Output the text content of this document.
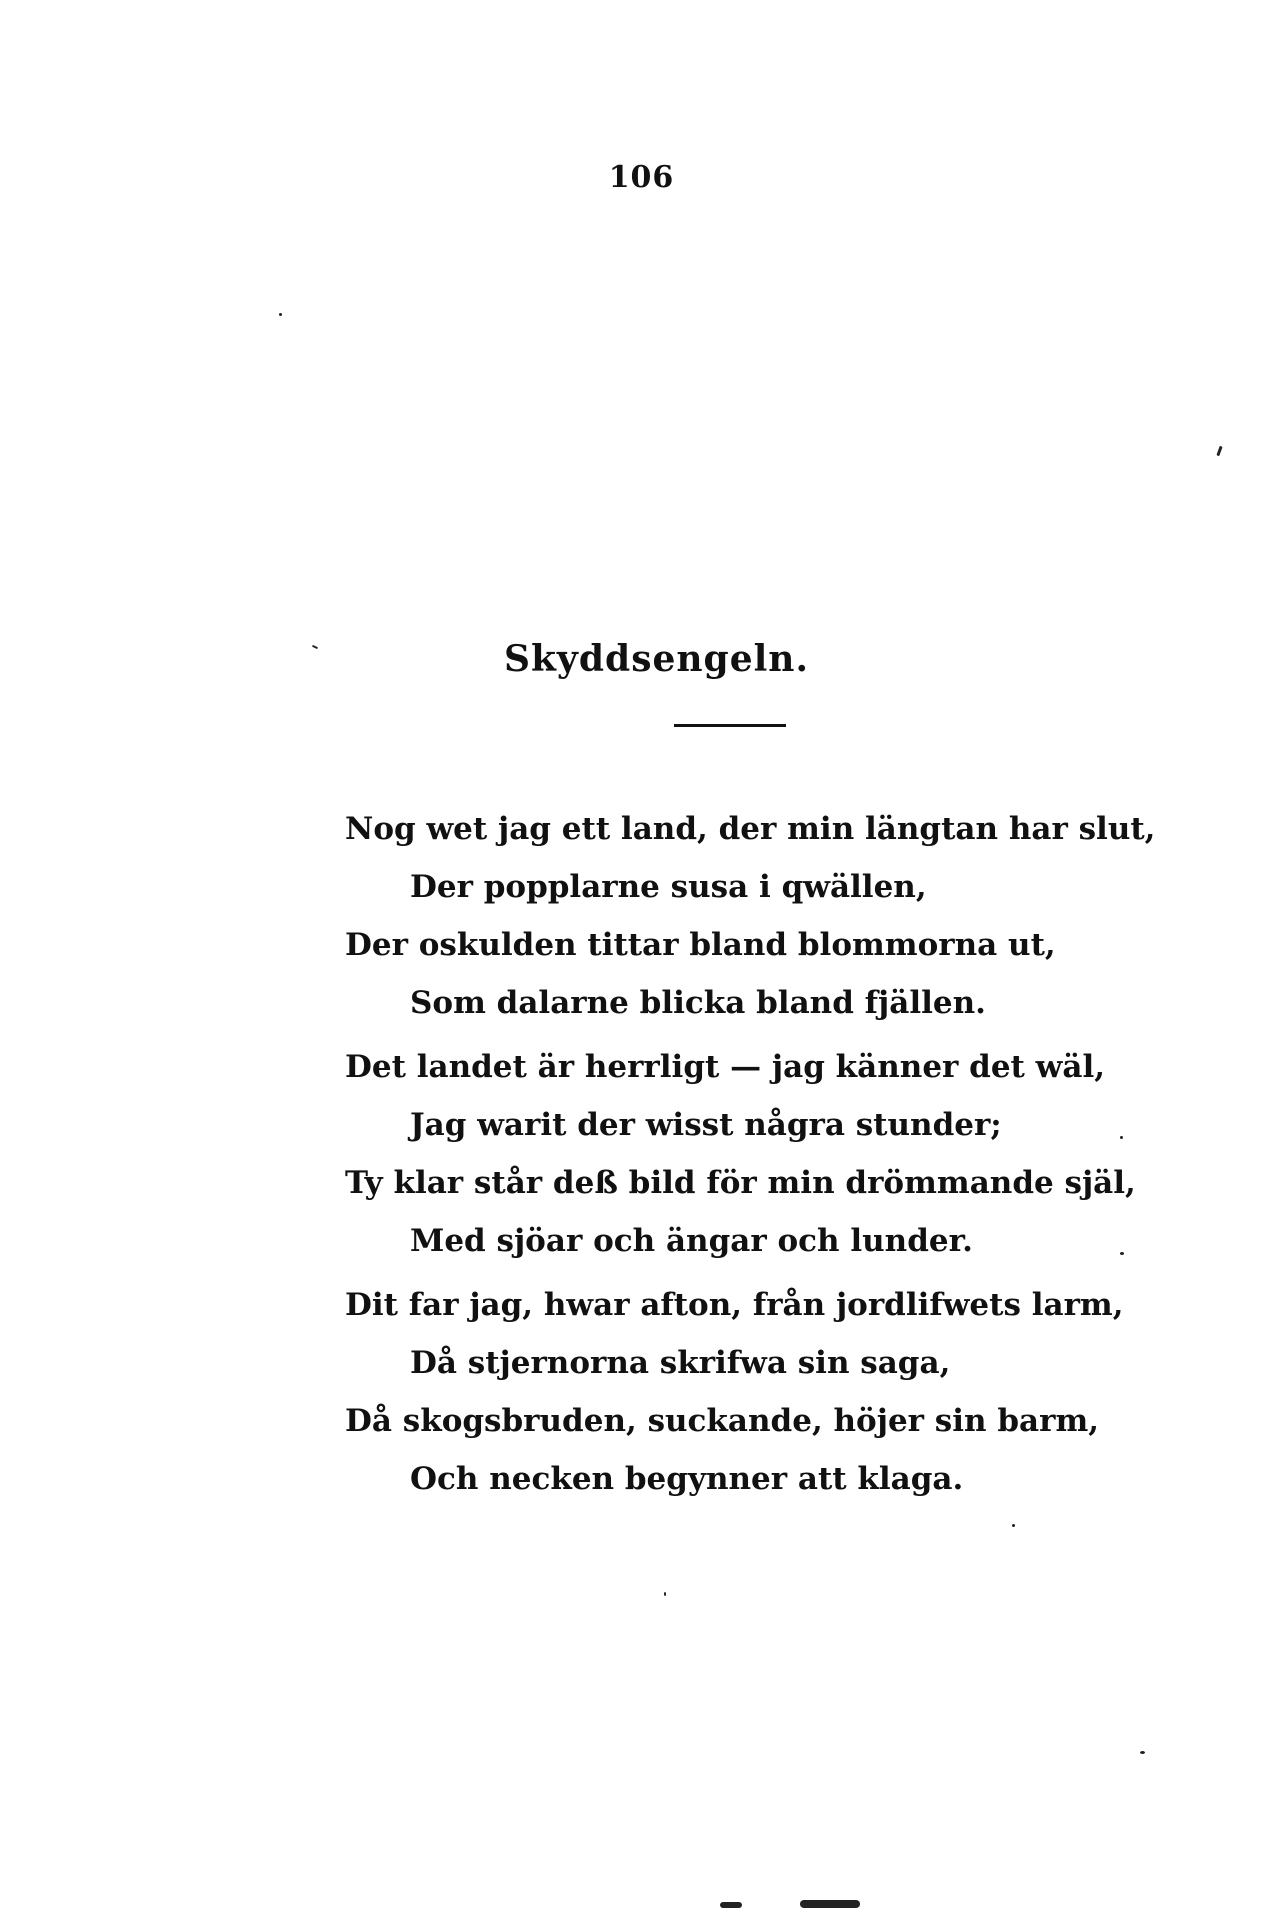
106
Skyddsengeln.
Nog wet jag ett land, der min längtan har slut,
Der popplarne susa i qwällen,
Der oskulden tittar bland blommorna ut,
Som dalarne blicka bland fjällen.
Det landet är herrligt — jag känner det wäl,
Jag warit der wisst några stunder;
Ty klar står deß bild för min drömmande själ,
Med sjöar och ängar och lunder.
Dit far jag, hwar afton, från jordlifwets larm,
Då stjernorna skrifwa sin saga,
Då skogsbruden, suckande, höjer sin barm,
Och necken begynner att klaga.
